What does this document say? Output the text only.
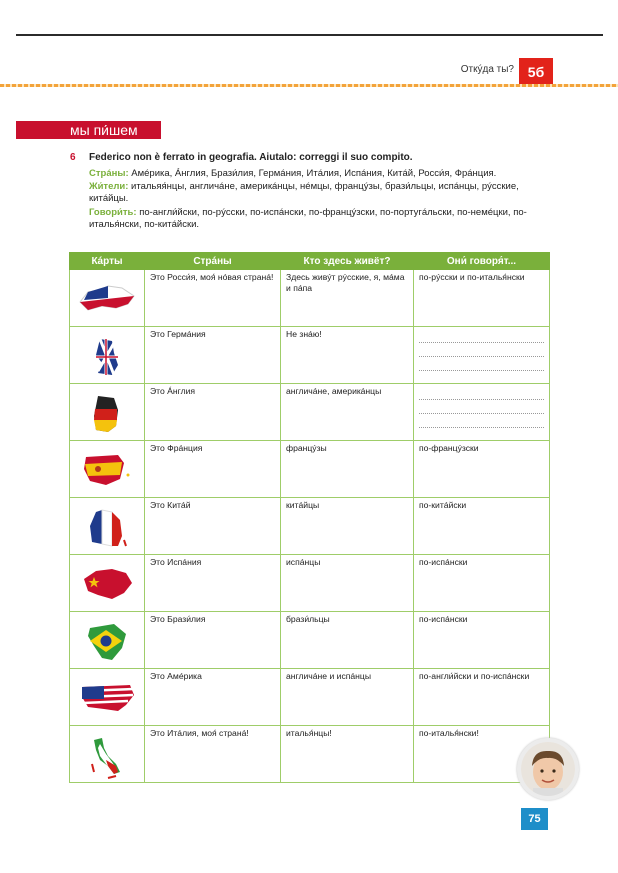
Откýда ты? 5б
мы пи́шем
6 Federico non è ferrato in geografia. Aiutalo: correggi il suo compito.
Стрáны: Амéрика, Áнглия, Брази́лия, Гермáния, Итáлия, Испáния, Китáй, Росси́я, Фрáнция.
Жи́тели: итальяя́нцы, англичáне, америкáнцы, нéмцы, францýзы, брази́льцы, испáнцы, рýсские, китáйцы.
Говори́ть: по-англи́йски, по-рýсски, по-испáнски, по-францýзски, по-португáльски, по-немéцки, по-италья́нски, по-китáйски.
Кáрты	Стрáны	Кто здесь живёт?	Они́ говоря́т...

	Это Росси́я, моя́ нóвая странá!	Здесь живýт рýсские, я, мáма и пáпа	по-рýсски и по-италья́нски

	Это Гермáния	Не знáю!	

	Это Áнглия	англичáне, америкáнцы	

	Это Фрáнция	францýзы	по-францýзски

	Это Китáй	китáйцы	по-китáйски

	Это Испáния	испáнцы	по-испáнски

	Это Брази́лия	брази́льцы	по-испáнски

	Это Амéрика	англичáне и испáнцы	по-англи́йски и по-испáнски

	Это Итáлия, моя́ странá!	италья́нцы!	по-италья́нски!
75
